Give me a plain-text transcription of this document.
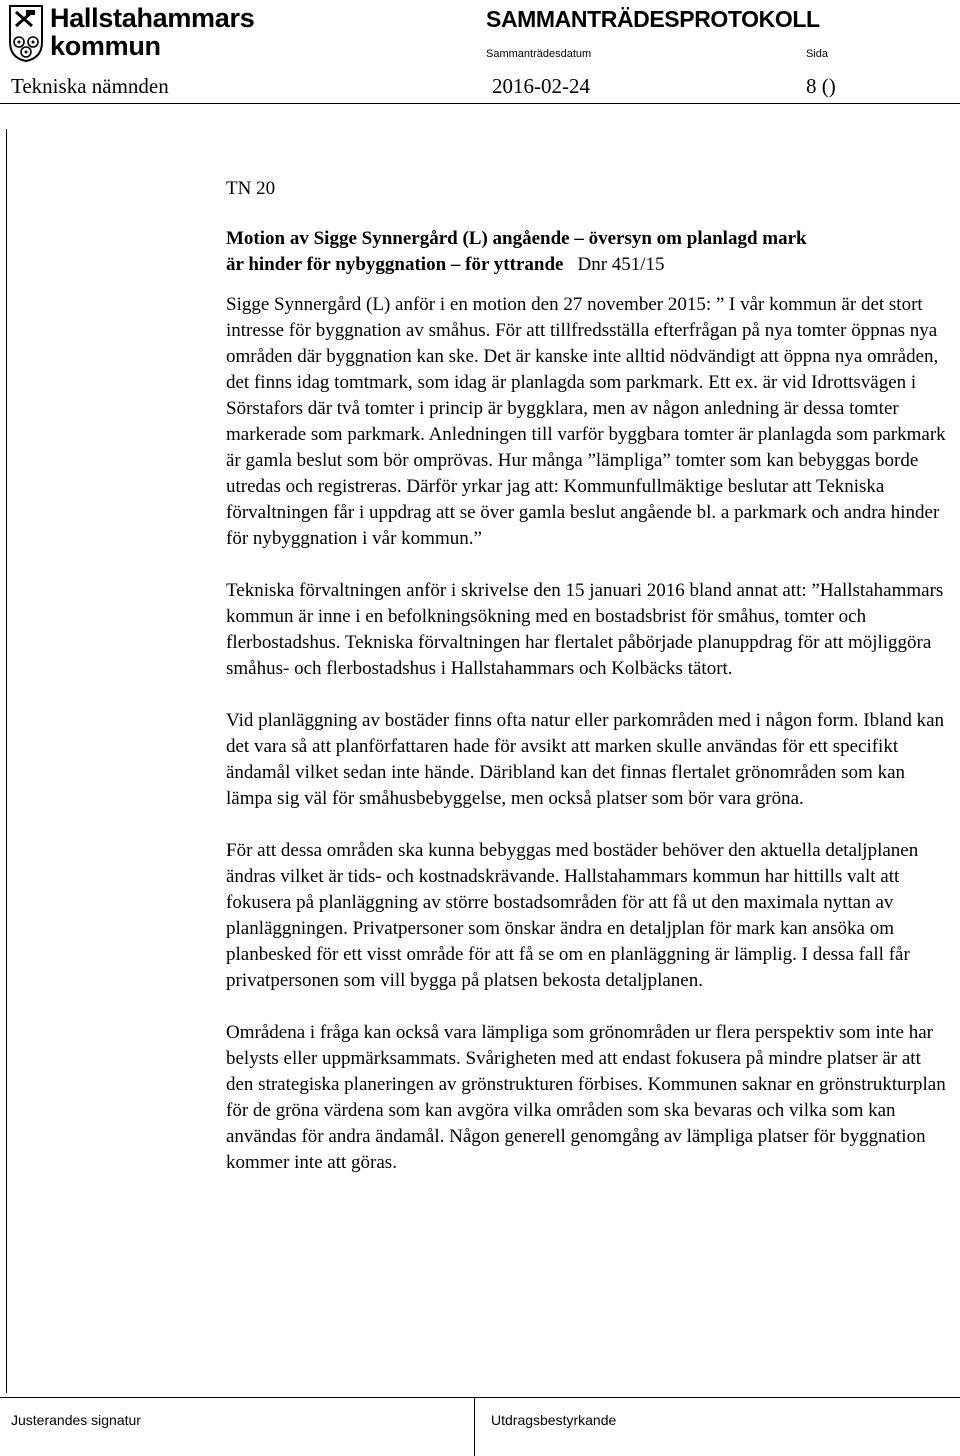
Hallstahammars
kommun
SAMMANTRÄDESPROTOKOLL
Sammanträdesdatum	Sida
Tekniska nämnden	2016-02-24	8 ()

TN 20

Motion av Sigge Synnergård (L) angående – översyn om planlagd mark
är hinder för nybyggnation – för yttrande Dnr 451/15

Sigge Synnergård (L) anför i en motion den 27 november 2015: ” I vår kommun är det stort intresse för byggnation av småhus. För att tillfredsställa efterfrågan på nya tomter öppnas nya områden där byggnation kan ske. Det är kanske inte alltid nödvändigt att öppna nya områden, det finns idag tomtmark, som idag är planlagda som parkmark. Ett ex. är vid Idrottsvägen i Sörstafors där två tomter i princip är byggklara, men av någon anledning är dessa tomter markerade som parkmark. Anledningen till varför byggbara tomter är planlagda som parkmark är gamla beslut som bör omprövas. Hur många ”lämpliga” tomter som kan bebyggas borde utredas och registreras. Därför yrkar jag att: Kommunfullmäktige beslutar att Tekniska förvaltningen får i uppdrag att se över gamla beslut angående bl. a parkmark och andra hinder för nybyggnation i vår kommun.”

Tekniska förvaltningen anför i skrivelse den 15 januari 2016 bland annat att: ”Hallstahammars kommun är inne i en befolkningsökning med en bostadsbrist för småhus, tomter och flerbostadshus. Tekniska förvaltningen har flertalet påbörjade planuppdrag för att möjliggöra småhus- och flerbostadshus i Hallstahammars och Kolbäcks tätort.

Vid planläggning av bostäder finns ofta natur eller parkområden med i någon form. Ibland kan det vara så att planförfattaren hade för avsikt att marken skulle användas för ett specifikt ändamål vilket sedan inte hände. Däribland kan det finnas flertalet grönområden som kan lämpa sig väl för småhusbebyggelse, men också platser som bör vara gröna.

För att dessa områden ska kunna bebyggas med bostäder behöver den aktuella detaljplanen ändras vilket är tids- och kostnadskrävande. Hallstahammars kommun har hittills valt att fokusera på planläggning av större bostadsområden för att få ut den maximala nyttan av planläggningen. Privatpersoner som önskar ändra en detaljplan för mark kan ansöka om planbesked för ett visst område för att få se om en planläggning är lämplig. I dessa fall får privatpersonen som vill bygga på platsen bekosta detaljplanen.

Områdena i fråga kan också vara lämpliga som grönområden ur flera perspektiv som inte har belysts eller uppmärksammats. Svårigheten med att endast fokusera på mindre platser är att den strategiska planeringen av grönstrukturen förbises. Kommunen saknar en grönstrukturplan för de gröna värdena som kan avgöra vilka områden som ska bevaras och vilka som kan användas för andra ändamål. Någon generell genomgång av lämpliga platser för byggnation kommer inte att göras.

Justerandes signatur	Utdragsbestyrkande
